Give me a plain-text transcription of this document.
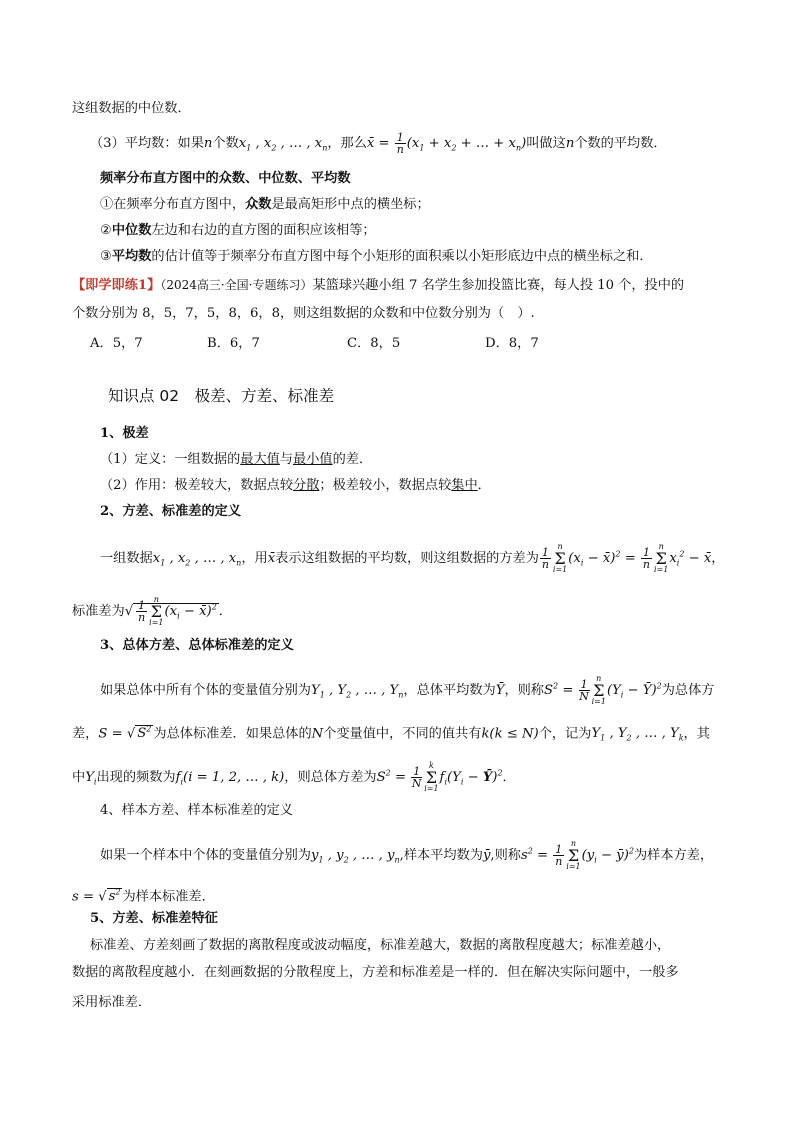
这组数据的中位数．
（3）平均数：如果n个数$x_1$ , $x_2$ , … , $x_n$，那么x̄ = $\frac{1}{n} (x_1 + x_2$ + … + $x_n$)叫做这n个数的平均数．
频率分布直方图中的众数、中位数、平均数
①在频率分布直方图中，众数是最高矩形中点的横坐标；
②中位数左边和右边的直方图的面积应该相等；
③平均数的估计值等于频率分布直方图中每个小矩形的面积乘以小矩形底边中点的横坐标之和．
【即学即练1】（2024高三·全国·专题练习）某篮球兴趣小组 7 名学生参加投篮比赛，每人投 10 个，投中的
个数分别为 8，5，7，5，8，6，8，则这组数据的众数和中位数分别为（　）.
A．5，7	B．6，7	C．8，5	D．8，7
知识点 02　极差、方差、标准差
1、极差
（1）定义：一组数据的最大值与最小值的差．
（2）作用：极差较大，数据点较分散；极差较小，数据点较集中．
2、方差、标准差的定义
一组数据$x_1$ , $x_2$ , … , $x_n$，用x̄表示这组数据的平均数，则这组数据的方差为 $\frac{1}{n}$
n
Σ
i=1
($x_i$ − x̄)$^2$ = $\frac{1}{n}$
n
Σ
i=1
$x_i^2$ − x̄，
标准差为√ $\frac{1}{n}$
n
Σ
i=1
($x_i$ − x̄)$^2$ ．
3、总体方差、总体标准差的定义
如果总体中所有个体的变量值分别为$Y_1$ , $Y_2$ , … , $Y_n$，总体平均数为Ȳ，则称$S^2 = \frac{1}{N}$
n
Σ
i=1
($Y_i$ − Ȳ)$^2$为总体方
差，S = √ $S^2$ 为总体标准差．如果总体的N个变量值中，不同的值共有k(k ≤ N)个，记为$Y_1$ , $Y_2$ , … , $Y_k$，其
中$Y_i$出现的频数为$f_i(i = 1$, 2, … , k)，则总体方差为$S^2 = \frac{1}{N}$
k
Σ
i=1
$f_i(Y_i$ − Ȳ)$^2$．
4、样本方差、样本标准差的定义
如果一个样本中个体的变量值分别为$y_1$ , $y_2$ , … , $y_n$,样本平均数为ȳ,则称$s^2 = \frac{1}{n}$
n
Σ
i=1
($y_i$ − ȳ)$^2$为样本方差，
s = √ $s^2$ 为样本标准差．
5、方差、标准差特征
标准差、方差刻画了数据的离散程度或波动幅度，标准差越大，数据的离散程度越大；标准差越小，
数据的离散程度越小．在刻画数据的分散程度上，方差和标准差是一样的．但在解决实际问题中，一般多
采用标准差．
